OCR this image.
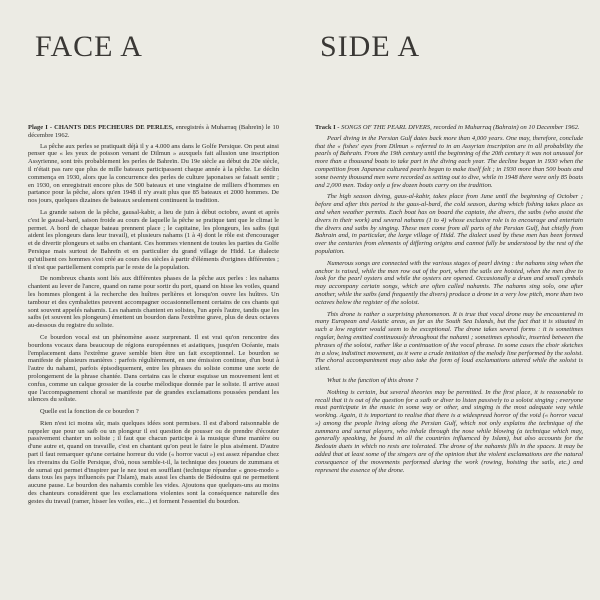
FACE A

Plage I - CHANTS DES PECHEURS DE PERLES, enregistrés à Muharraq (Bahreïn) le 10 décembre 1962.

La pêche aux perles se pratiquait déjà il y a 4.000 ans dans le Golfe Persique. On peut ainsi penser que « les yeux de poisson venant de Dilmun » auxquels fait allusion une inscription Assyrienne, sont très probablement les perles de Bahreïn. Du 19e siècle au début du 20e siècle, il n'était pas rare que plus de mille bateaux participassent chaque année à la pêche. Le déclin commença en 1930, alors que la concurrence des perles de culture japonaises se faisait sentir ; en 1930, on enregistrait encore plus de 500 bateaux et une vingtaine de milliers d'hommes en partance pour la pêche, alors qu'en 1948 il n'y avait plus que 85 bateaux et 2000 hommes. De nos jours, quelques dizaines de bateaux seulement continuent la tradition.

La grande saison de la pêche, gausal-kabir, a lieu de juin à début octobre, avant et après c'est le gausal-bard, saison froide au cours de laquelle la pêche se pratique tant que le climat le permet. A bord de chaque bateau prennent place ; le capitaine, les plongeurs, les saibs (qui aident les plongeurs dans leur travail), et plusieurs nahams (1 à 4) dont le rôle est d'encourager et de divertir plongeurs et saibs en chantant. Ces hommes viennent de toutes les parties du Golfe Persique mais surtout de Bahreïn et en particulier du grand village de Hidd. Le dialecte qu'utilisent ces hommes s'est créé au cours des siècles à partir d'éléments d'origines différentes ; il n'est que partiellement compris par le reste de la population.

De nombreux chants sont liés aux différentes phases de la pêche aux perles : les nahams chantent au lever de l'ancre, quand on rame pour sortir du port, quand on hisse les voiles, quand les hommes plongent à la recherche des huîtres perlières et lorsqu'on ouvre les huîtres. Un tambour et des cymbalettes peuvent accompagner occasionnellement certains de ces chants qui sont souvent appelés nahamis. Les nahamis chantent en solistes, l'un après l'autre, tandis que les saibs (et souvent les plongeurs) émettent un bourdon dans l'extrême grave, plus de deux octaves au-dessous du registre du soliste.

Ce bourdon vocal est un phénomène assez surprenant. Il est vrai qu'on rencontre des bourdons vocaux dans beaucoup de régions européennes et asiatiques, jusqu'en Océanie, mais l'emplacement dans l'extrême grave semble bien être un fait exceptionnel. Le bourdon se manifeste de plusieurs manières : parfois régulièrement, en une émission continue, d'un bout à l'autre du nahami, parfois épisodiquement, entre les phrases du soliste comme une sorte de prolongement de la phrase chantée. Dans certains cas le chœur esquisse un mouvement lent et confus, comme un calque grossier de la courbe mélodique donnée par le soliste. Il arrive aussi que l'accompagnement choral se manifeste par de grandes exclamations poussées pendant les silences du soliste.

Quelle est la fonction de ce bourdon ?

Rien n'est ici moins sûr, mais quelques idées sont permises. Il est d'abord raisonnable de rappeler que pour un saib ou un plongeur il est question de pousser ou de prendre d'écouter passivement chanter un soliste ; il faut que chacun participe à la musique d'une manière ou d'une autre et, quand on travaille, c'est en chantant qu'on peut le faire le plus aisément. D'autre part il faut remarquer qu'une certaine horreur du vide (« horror vacui ») est assez répandue chez les riverains du Golfe Persique, d'où, nous semble-t-il, la technique des joueurs de zummara et de surnai qui permet d'inspirer par le nez tout en soufflant (technique répandue « gnou-modo » dans tous les pays influencés par l'Islam), mais aussi les chants de Bédouins qui ne permettent aucune pause. Le bourdon des nahamis comble les vides. Ajoutons que quelques-uns au moins des chanteurs considèrent que les exclamations violentes sont la conséquence naturelle des gestes du travail (ramer, hisser les voiles, etc...) et forment l'essentiel du bourdon.

SIDE A

Track I - SONGS OF THE PEARL DIVERS, recorded in Muharraq (Bahrain) on 10 December 1962.

Pearl diving in the Persian Gulf dates back more than 4,000 years. One may, therefore, conclude that the « fishes' eyes from Dilmun » referred to in an Assyrian inscription are in all probability the pearls of Bahrain. From the 19th century until the beginning of the 20th century it was not unusual for more than a thousand boats to take part in the diving each year. The decline began in 1930 when the competition from Japanese cultured pearls began to make itself felt ; in 1930 more than 500 boats and some twenty thousand men were recorded as setting out to dive, while in 1948 there were only 85 boats and 2,000 men. Today only a few dozen boats carry on the tradition.

The high season diving, gaus-al-kabir, takes place from June until the beginning of October ; before and after this period is the gaus-al-bard, the cold season, during which fishing takes place as and when weather permits. Each boat has on board the captain, the divers, the saibs (who assist the divers in their work) and several nahams (1 to 4) whose exclusive role is to encourage and entertain the divers and saibs by singing. These men come from all parts of the Persian Gulf, but chiefly from Bahrain and, in particular, the large village of Hidd. The dialect used by these men has been formed over the centuries from elements of differing origins and cannot fully be understood by the rest of the population.

Numerous songs are connected with the various stages of pearl diving : the nahams sing when the anchor is raised, while the men row out of the port, when the sails are hoisted, when the men dive to look for the pearl oysters and while the oysters are opened. Occasionally a drum and small cymbals may accompany certain songs, which are often called nahamis. The nahams sing solo, one after another, while the saibs (and frequently the divers) produce a drone in a very low pitch, more than two octaves below the register of the soloist.

This drone is rather a surprising phenomenon. It is true that vocal drone may be encountered in many European and Asiatic areas, as far as the South Sea Islands, but the fact that it is situated in such a low register would seem to be exceptional. The drone takes several forms : it is sometimes regular, being emitted continuously throughout the nahami ; sometimes episodic, inserted between the phrases of the soloist, rather like a continuation of the vocal phrase. In some cases the choir sketches in a slow, indistinct movement, as it were a crude imitation of the melody line performed by the soloist. The choral accompaniment may also take the form of loud exclamations uttered while the soloist is silent.

What is the function of this drone ?

Nothing is certain, but several theories may be permitted. In the first place, it is reasonable to recall that it is out of the question for a saib or diver to listen passively to a soloist singing ; everyone must participate in the music in some way or other, and singing is the most adequate way while working. Again, it is important to realise that there is a widespread horror of the void (« horror vacui ») among the people living along the Persian Gulf, which not only explains the technique of the zummara and surnai players, who inhale through the nose while blowing (a technique which may, generally speaking, be found in all the countries influenced by Islam), but also accounts for the Bedouin duets in which no rests are tolerated. The drone of the nahamis fills in the spaces. It may be added that at least some of the singers are of the opinion that the violent exclamations are the natural consequence of the movements performed during the work (rowing, hoisting the sails, etc.) and represent the essence of the drone.
